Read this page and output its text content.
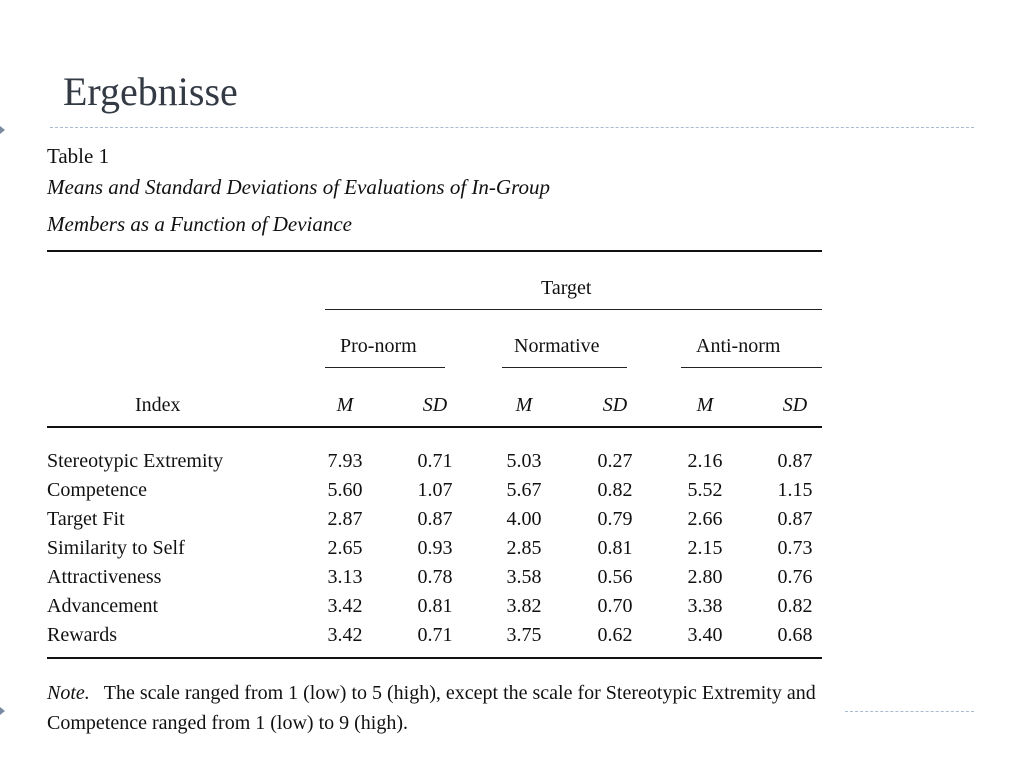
Ergebnisse

Table 1

Means and Standard Deviations of Evaluations of In-Group
Members as a Function of Deviance

Target
Pro-norm	Normative	Anti-norm
Index	M	SD	M	SD	M	SD
Stereotypic Extremity	7.93	0.71	5.03	0.27	2.16	0.87
Competence	5.60	1.07	5.67	0.82	5.52	1.15
Target Fit	2.87	0.87	4.00	0.79	2.66	0.87
Similarity to Self	2.65	0.93	2.85	0.81	2.15	0.73
Attractiveness	3.13	0.78	3.58	0.56	2.80	0.76
Advancement	3.42	0.81	3.82	0.70	3.38	0.82
Rewards	3.42	0.71	3.75	0.62	3.40	0.68
Note. The scale ranged from 1 (low) to 5 (high), except the scale for Stereotypic Extremity and Competence ranged from 1 (low) to 9 (high).
